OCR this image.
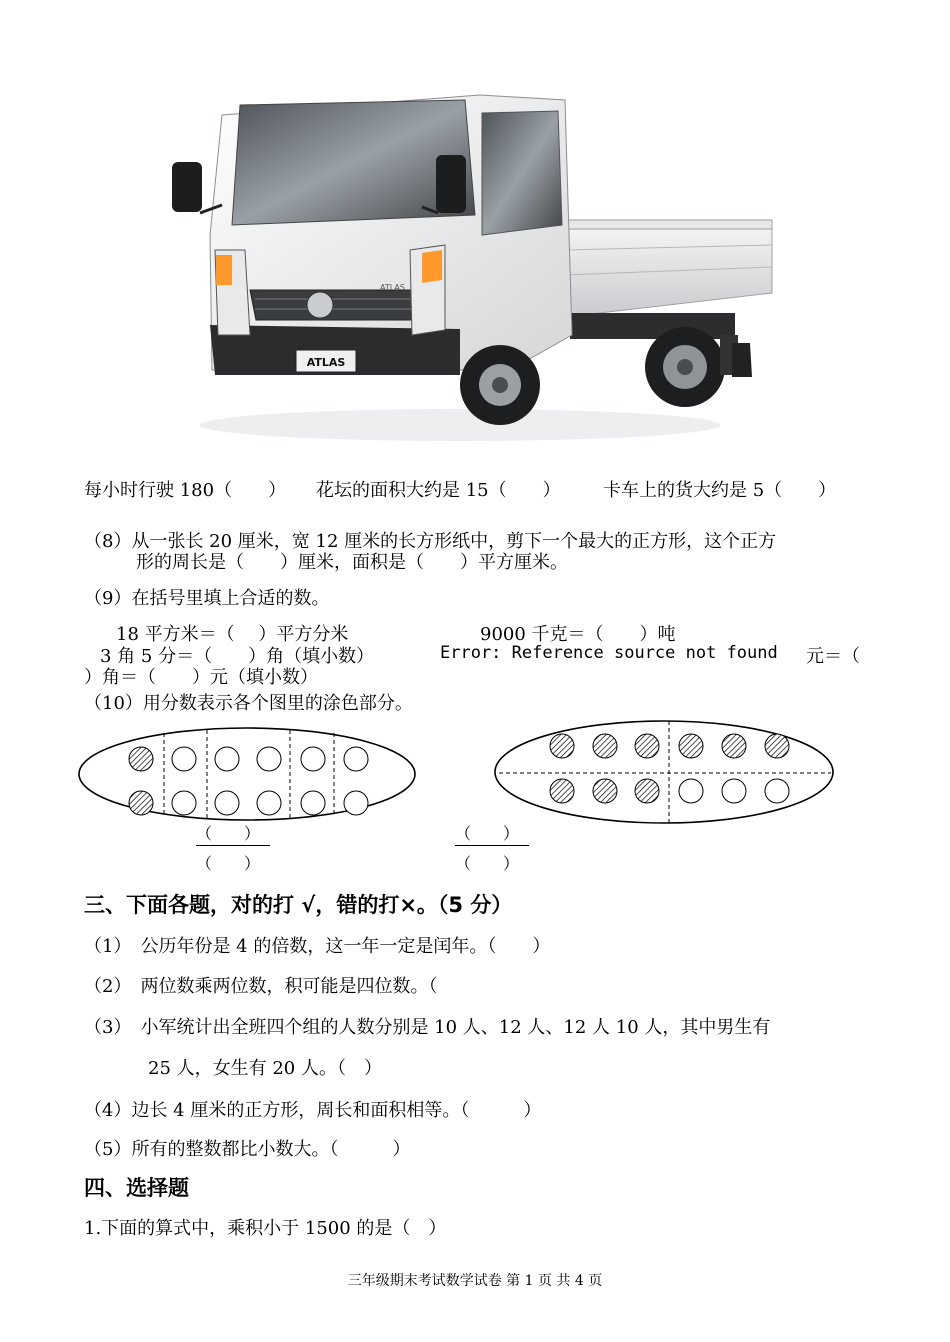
ATLAS
ATLAS
每小时行驶 180（　　） 花坛的面积大约是 15（　　） 卡车上的货大约是 5（　　）
（8）从一张长 20 厘米，宽 12 厘米的长方形纸中，剪下一个最大的正方形，这个正方
形的周长是（　　）厘米，面积是（　　）平方厘米。
（9）在括号里填上合适的数。
18 平方米＝（　 ）平方分米	9000 千克＝（　　）吨
3 角 5 分＝（　　）角（填小数）	Error: Reference source not found 元＝（
）角＝（　　）元（填小数）
（10）用分数表示各个图里的涂色部分。
（　　）
（　　）
（　　）
（　　）
三、下面各题，对的打 √，错的打×。（5 分）
（1）　公历年份是 4 的倍数，这一年一定是闰年。（　　）
（2）　两位数乘两位数，积可能是四位数。（
（3）　小军统计出全班四个组的人数分别是 10 人、12 人、12 人 10 人，其中男生有
25 人，女生有 20 人。（　）
（4）边长 4 厘米的正方形，周长和面积相等。（　　　）
（5）所有的整数都比小数大。（　　　）
四、选择题
1.下面的算式中，乘积小于 1500 的是（　）
三年级期末考试数学试卷 第 1 页 共 4 页
